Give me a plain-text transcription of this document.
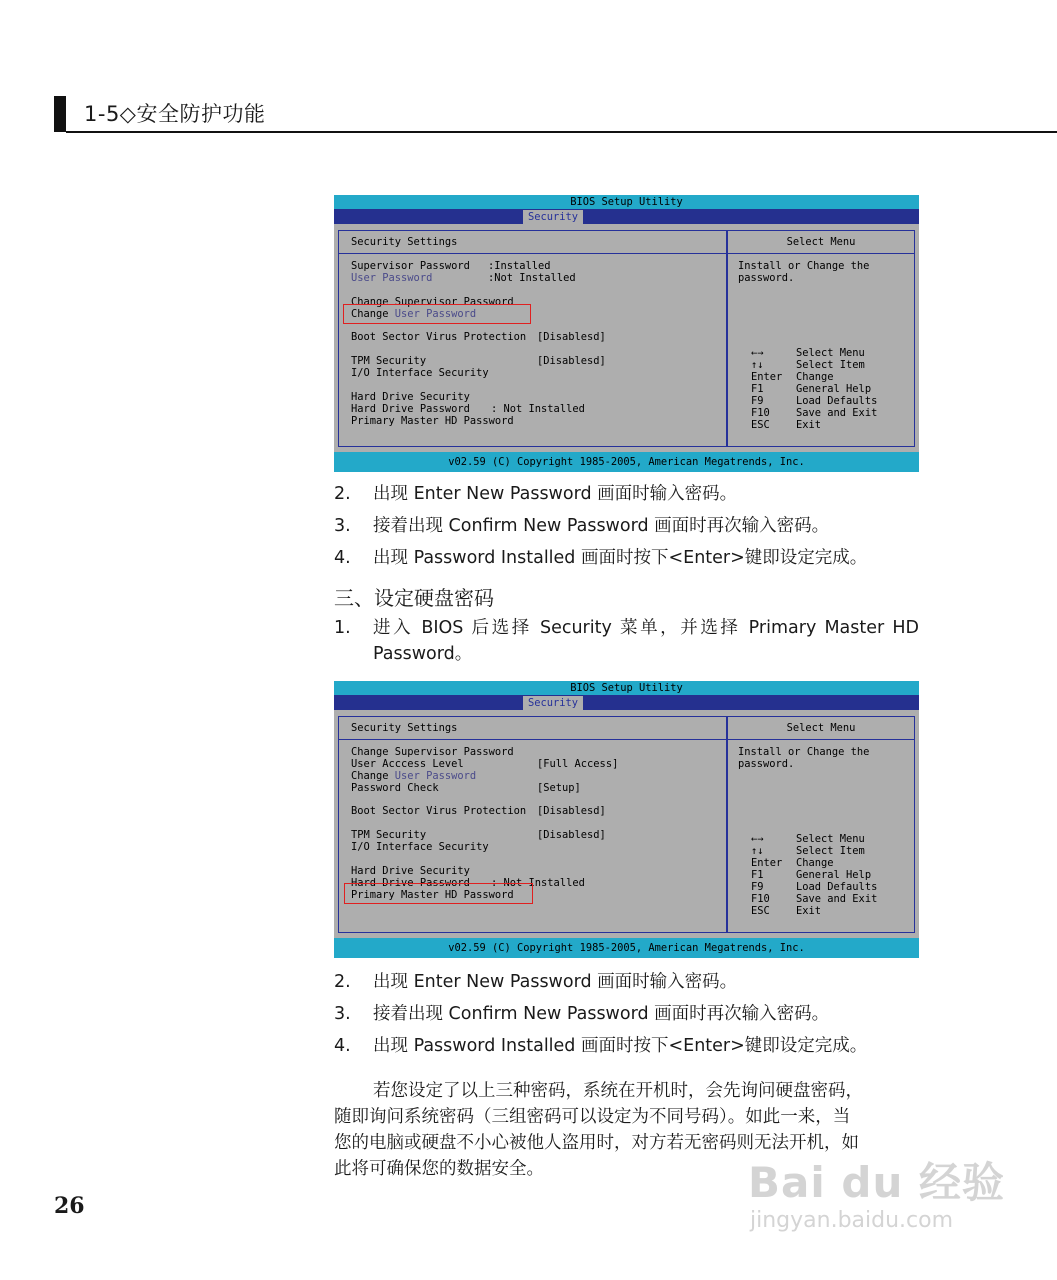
1-5◇安全防护功能
BIOS Setup Utility
Security
Security Settings
Supervisor Password :Installed
User Password	:Not Installed
Change Supervisor Password
Change User Password
Boot Sector Virus Protection [Disablesd]
TPM Security	[Disablesd]
I/O Interface Security
Hard Drive Security
Hard Drive Password : Not Installed
Primary Master HD Password
Select Menu
Install or Change the password.
←→	Select Menu
↑↓	Select Item
Enter Change
F1	General Help
F9	Load Defaults
F10	Save and Exit
ESC	Exit
v02.59 (C) Copyright 1985-2005, American Megatrends, Inc.
2. 出现 Enter New Password 画面时输入密码。
3. 接着出现 Confirm New Password 画面时再次输入密码。
4. 出现 Password Installed 画面时按下<Enter>键即设定完成。
三、设定硬盘密码
1. 进入 BIOS 后选择 Security 菜单，并选择 Primary Master HD
Password。
BIOS Setup Utility
Security
Security Settings
Change Supervisor Password
User Acccess Level	[Full Access]
Change User Password
Password Check	[Setup]
Boot Sector Virus Protection [Disablesd]
TPM Security	[Disablesd]
I/O Interface Security
Hard Drive Security
Hard Drive Password : Not Installed
Primary Master HD Password
Select Menu
Install or Change the password.
←→	Select Menu
↑↓	Select Item
Enter Change
F1	General Help
F9	Load Defaults
F10	Save and Exit
ESC	Exit
v02.59 (C) Copyright 1985-2005, American Megatrends, Inc.
2. 出现 Enter New Password 画面时输入密码。
3. 接着出现 Confirm New Password 画面时再次输入密码。
4. 出现 Password Installed 画面时按下<Enter>键即设定完成。
若您设定了以上三种密码，系统在开机时，会先询问硬盘密码，
随即询问系统密码（三组密码可以设定为不同号码）。如此一来，当
您的电脑或硬盘不小心被他人盗用时，对方若无密码则无法开机，如
此将可确保您的数据安全。
26	Bai du 经验
jingyan.baidu.com
